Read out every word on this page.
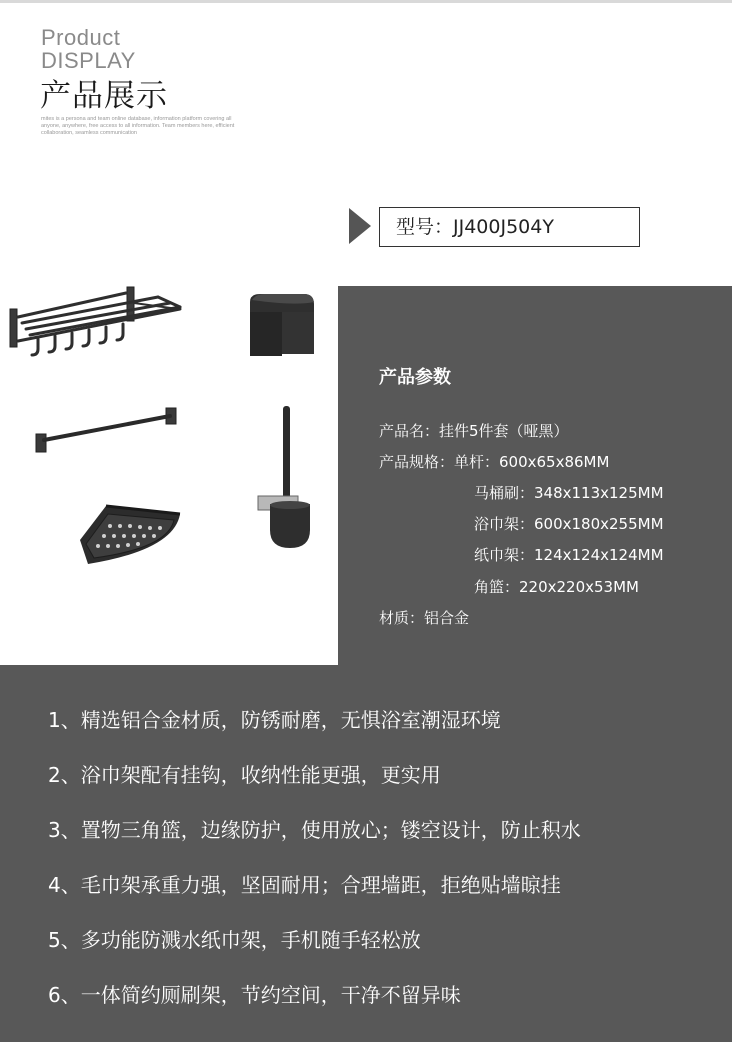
Product
DISPLAY
产品展示
mites is a persona and team online database, information platform covering all
anyone, anywhere, free access to all information. Team members here, efficient
collaboration, seamless communication
型号：JJ400J504Y
产品参数
产品名：挂件5件套（哑黑）
产品规格：单杆：600x65x86MM
马桶刷：348x113x125MM
浴巾架：600x180x255MM
纸巾架：124x124x124MM
角篮：220x220x53MM
材质：铝合金
1、精选铝合金材质，防锈耐磨，无惧浴室潮湿环境
2、浴巾架配有挂钩，收纳性能更强，更实用
3、置物三角篮，边缘防护，使用放心；镂空设计，防止积水
4、毛巾架承重力强，坚固耐用；合理墙距，拒绝贴墙晾挂
5、多功能防溅水纸巾架，手机随手轻松放
6、一体简约厕刷架，节约空间，干净不留异味
